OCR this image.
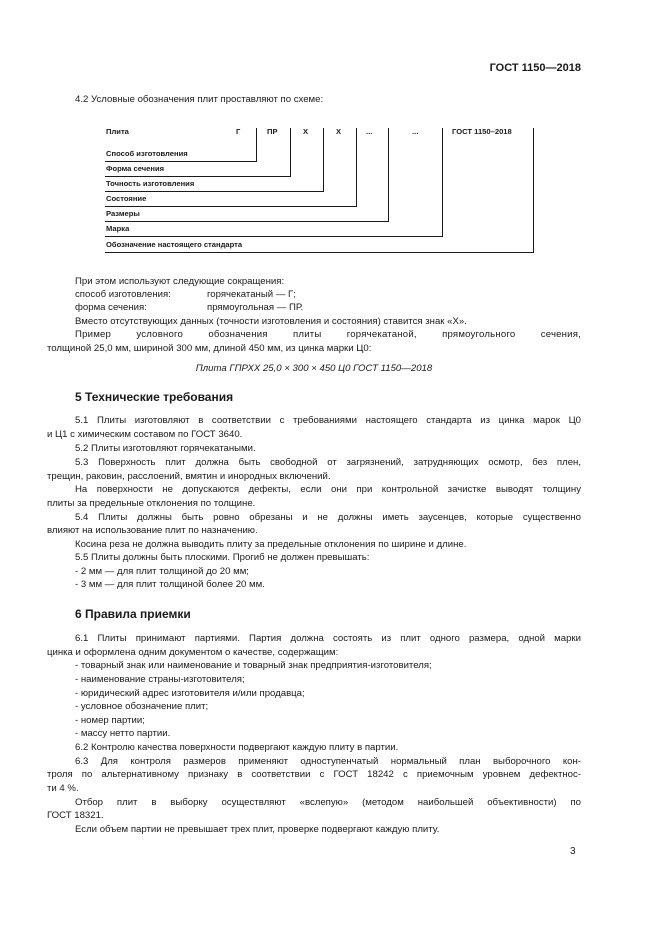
ГОСТ 1150—2018
4.2 Условные обозначения плит проставляют по схеме:
Плита	Г	ПР	Х	Х	...	...	ГОСТ 1150–2018
Способ изготовления
Форма сечения
Точность изготовления
Состояние
Размеры
Марка
Обозначение настоящего стандарта
При этом используют следующие сокращения:
способ изготовления:	горячекатаный — Г;
форма сечения:	прямоугольная — ПР.
Вместо отсутствующих данных (точности изготовления и состояния) ставится знак «Х».
Пример условного обозначения плиты горячекатаной, прямоугольного сечения,
толщиной 25,0 мм, шириной 300 мм, длиной 450 мм, из цинка марки Ц0:
Плита ГПРХХ 25,0 × 300 × 450 Ц0 ГОСТ 1150—2018
5 Технические требования
5.1 Плиты изготовляют в соответствии с требованиями настоящего стандарта из цинка марок Ц0
и Ц1 с химическим составом по ГОСТ 3640.
5.2 Плиты изготовляют горячекатаными.
5.3 Поверхность плит должна быть свободной от загрязнений, затрудняющих осмотр, без плен,
трещин, раковин, расслоений, вмятин и инородных включений.
На поверхности не допускаются дефекты, если они при контрольной зачистке выводят толщину
плиты за предельные отклонения по толщине.
5.4 Плиты должны быть ровно обрезаны и не должны иметь заусенцев, которые существенно
влияют на использование плит по назначению.
Косина реза не должна выводить плиту за предельные отклонения по ширине и длине.
5.5 Плиты должны быть плоскими. Прогиб не должен превышать:
- 2 мм — для плит толщиной до 20 мм;
- 3 мм — для плит толщиной более 20 мм.
6 Правила приемки
6.1 Плиты принимают партиями. Партия должна состоять из плит одного размера, одной марки
цинка и оформлена одним документом о качестве, содержащим:
- товарный знак или наименование и товарный знак предприятия-изготовителя;
- наименование страны-изготовителя;
- юридический адрес изготовителя и/или продавца;
- условное обозначение плит;
- номер партии;
- массу нетто партии.
6.2 Контролю качества поверхности подвергают каждую плиту в партии.
6.3 Для контроля размеров применяют одноступенчатый нормальный план выборочного кон-
троля по альтернативному признаку в соответствии с ГОСТ 18242 с приемочным уровнем дефектнос-
ти 4 %.
Отбор плит в выборку осуществляют «вслепую» (методом наибольшей объективности) по
ГОСТ 18321.
Если объем партии не превышает трех плит, проверке подвергают каждую плиту.
3
